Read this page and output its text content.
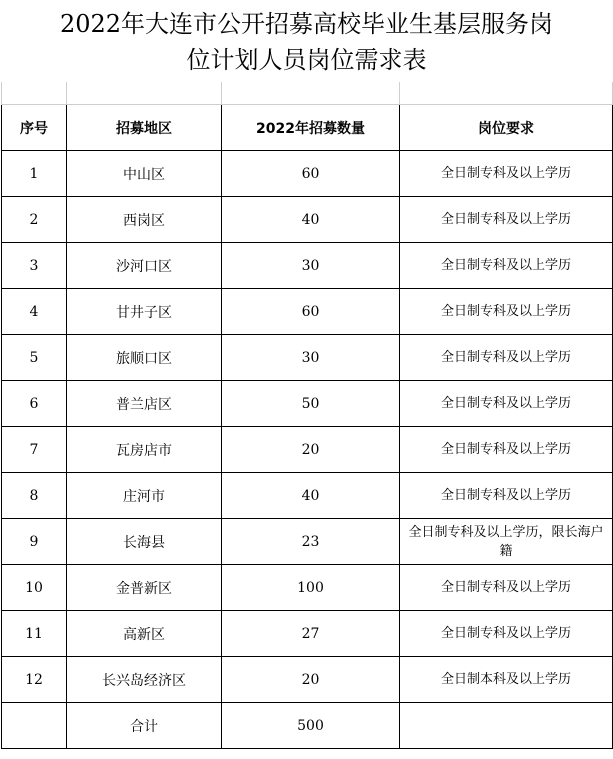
2022年大连市公开招募高校毕业生基层服务岗
位计划人员岗位需求表

序号	招募地区	2022年招募数量	岗位要求
1	中山区	60	全日制专科及以上学历
2	西岗区	40	全日制专科及以上学历
3	沙河口区	30	全日制专科及以上学历
4	甘井子区	60	全日制专科及以上学历
5	旅顺口区	30	全日制专科及以上学历
6	普兰店区	50	全日制专科及以上学历
7	瓦房店市	20	全日制专科及以上学历
8	庄河市	40	全日制专科及以上学历
9	长海县	23	全日制专科及以上学历，限长海户籍
10	金普新区	100	全日制专科及以上学历
11	高新区	27	全日制专科及以上学历
12	长兴岛经济区	20	全日制本科及以上学历
	合计	500	
